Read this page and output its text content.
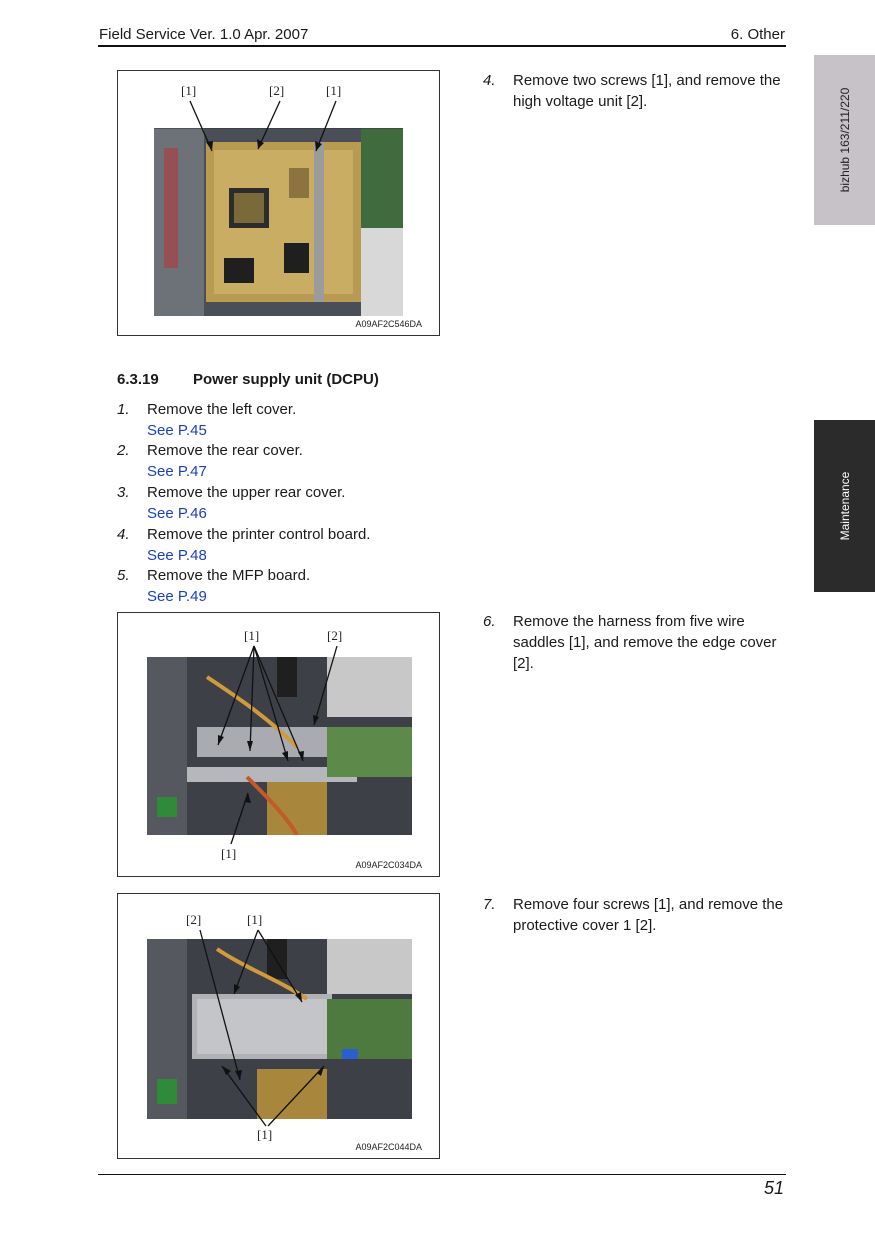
Field Service Ver. 1.0 Apr. 2007	6. Other
bizhub 163/211/220
Maintenance
[1]	[2]	[1]
A09AF2C546DA
4. Remove two screws [1], and remove the high voltage unit [2].
6.3.19 Power supply unit (DCPU)
1. Remove the left cover.
See P.45
2. Remove the rear cover.
See P.47
3. Remove the upper rear cover.
See P.46
4. Remove the printer control board.
See P.48
5. Remove the MFP board.
See P.49
[1]	[2]
[1]
A09AF2C034DA
6. Remove the harness from five wire saddles [1], and remove the edge cover [2].
[2]	[1]
[1]
A09AF2C044DA
7. Remove four screws [1], and remove the protective cover 1 [2].
51
